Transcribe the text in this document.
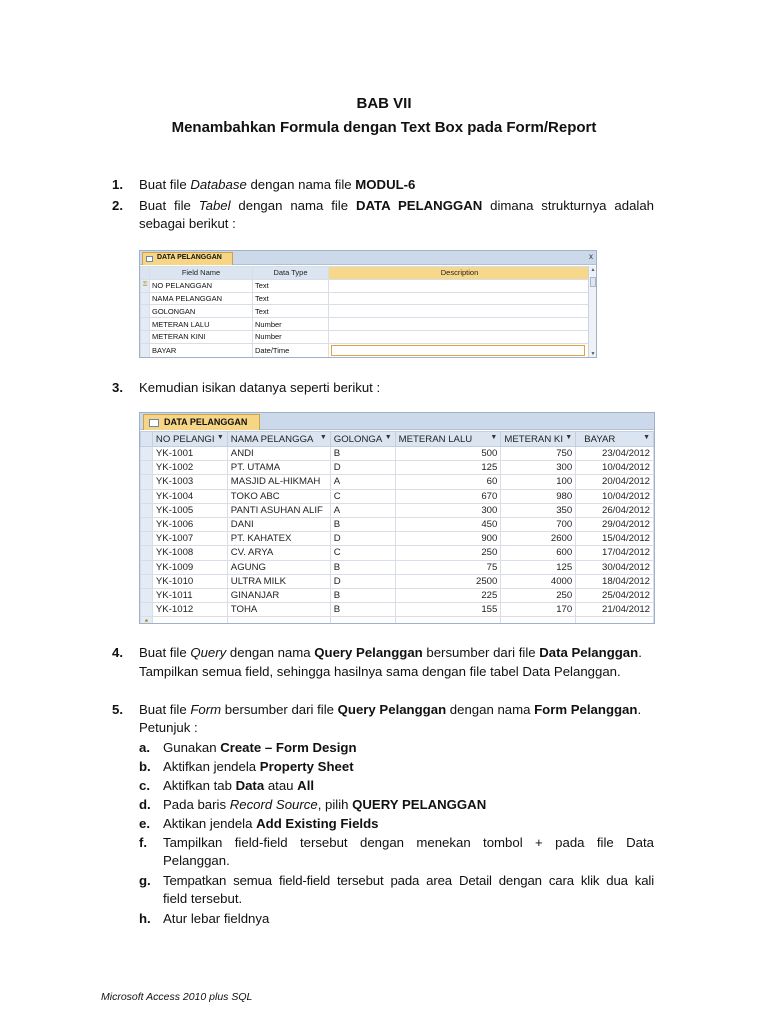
BAB VII
Menambahkan Formula dengan Text Box pada Form/Report
1. Buat file Database dengan nama file MODUL-6
2. Buat file Tabel dengan nama file DATA PELANGGAN dimana strukturnya adalah
sebagai berikut :
DATA PELANGGAN	x
	Field Name	Data Type	Description
⚿	NO PELANGGAN	Text	
	NAMA PELANGGAN	Text	
	GOLONGAN	Text	
	METERAN LALU	Number	
	METERAN KINI	Number	
	BAYAR	Date/Time	

▲
▼
3. Kemudian isikan datanya seperti berikut :
DATA PELANGGAN
	NO PELANGI ▼	NAMA PELANGGA ▼	GOLONGA ▼	METERAN LALU ▼	METERAN KI ▼	BAYAR ▼

	YK-1001	ANDI	B	500	750	23/04/2012
	YK-1002	PT. UTAMA	D	125	300	10/04/2012
	YK-1003	MASJID AL-HIKMAH	A	60	100	20/04/2012
	YK-1004	TOKO ABC	C	670	980	10/04/2012
	YK-1005	PANTI ASUHAN ALIF	A	300	350	26/04/2012
	YK-1006	DANI	B	450	700	29/04/2012
	YK-1007	PT. KAHATEX	D	900	2600	15/04/2012
	YK-1008	CV. ARYA	C	250	600	17/04/2012
	YK-1009	AGUNG	B	75	125	30/04/2012
	YK-1010	ULTRA MILK	D	2500	4000	18/04/2012
	YK-1011	GINANJAR	B	225	250	25/04/2012
	YK-1012	TOHA	B	155	170	21/04/2012
*						
4. Buat file Query dengan nama Query Pelanggan bersumber dari file Data Pelanggan.
Tampilkan semua field, sehingga hasilnya sama dengan file tabel Data Pelanggan.
5. Buat file Form bersumber dari file Query Pelanggan dengan nama Form Pelanggan.
Petunjuk :
a. Gunakan Create – Form Design
b. Aktifkan jendela Property Sheet
c. Aktifkan tab Data atau All
d. Pada baris Record Source, pilih QUERY PELANGGAN
e. Aktikan jendela Add Existing Fields
f. Tampilkan field-field tersebut dengan menekan tombol + pada file Data
Pelanggan.
g. Tempatkan semua field-field tersebut pada area Detail dengan cara klik dua kali
field tersebut.
h. Atur lebar fieldnya
Microsoft Access 2010 plus SQL
